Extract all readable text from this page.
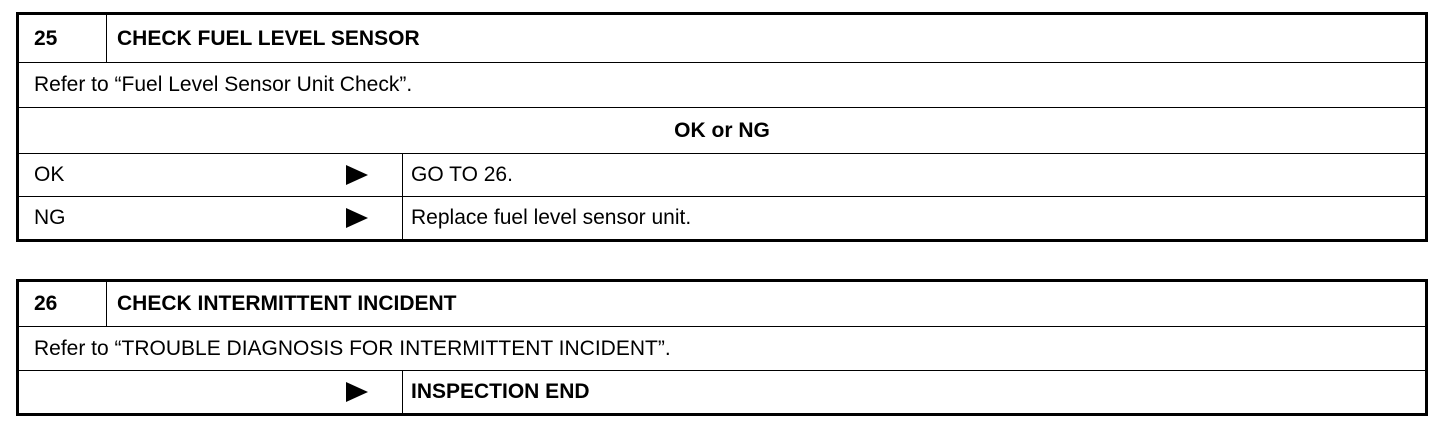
25	CHECK FUEL LEVEL SENSOR
Refer to “Fuel Level Sensor Unit Check”.
OK or NG
OK	GO TO 26.
NG	Replace fuel level sensor unit.
26	CHECK INTERMITTENT INCIDENT
Refer to “TROUBLE DIAGNOSIS FOR INTERMITTENT INCIDENT”.
INSPECTION END
